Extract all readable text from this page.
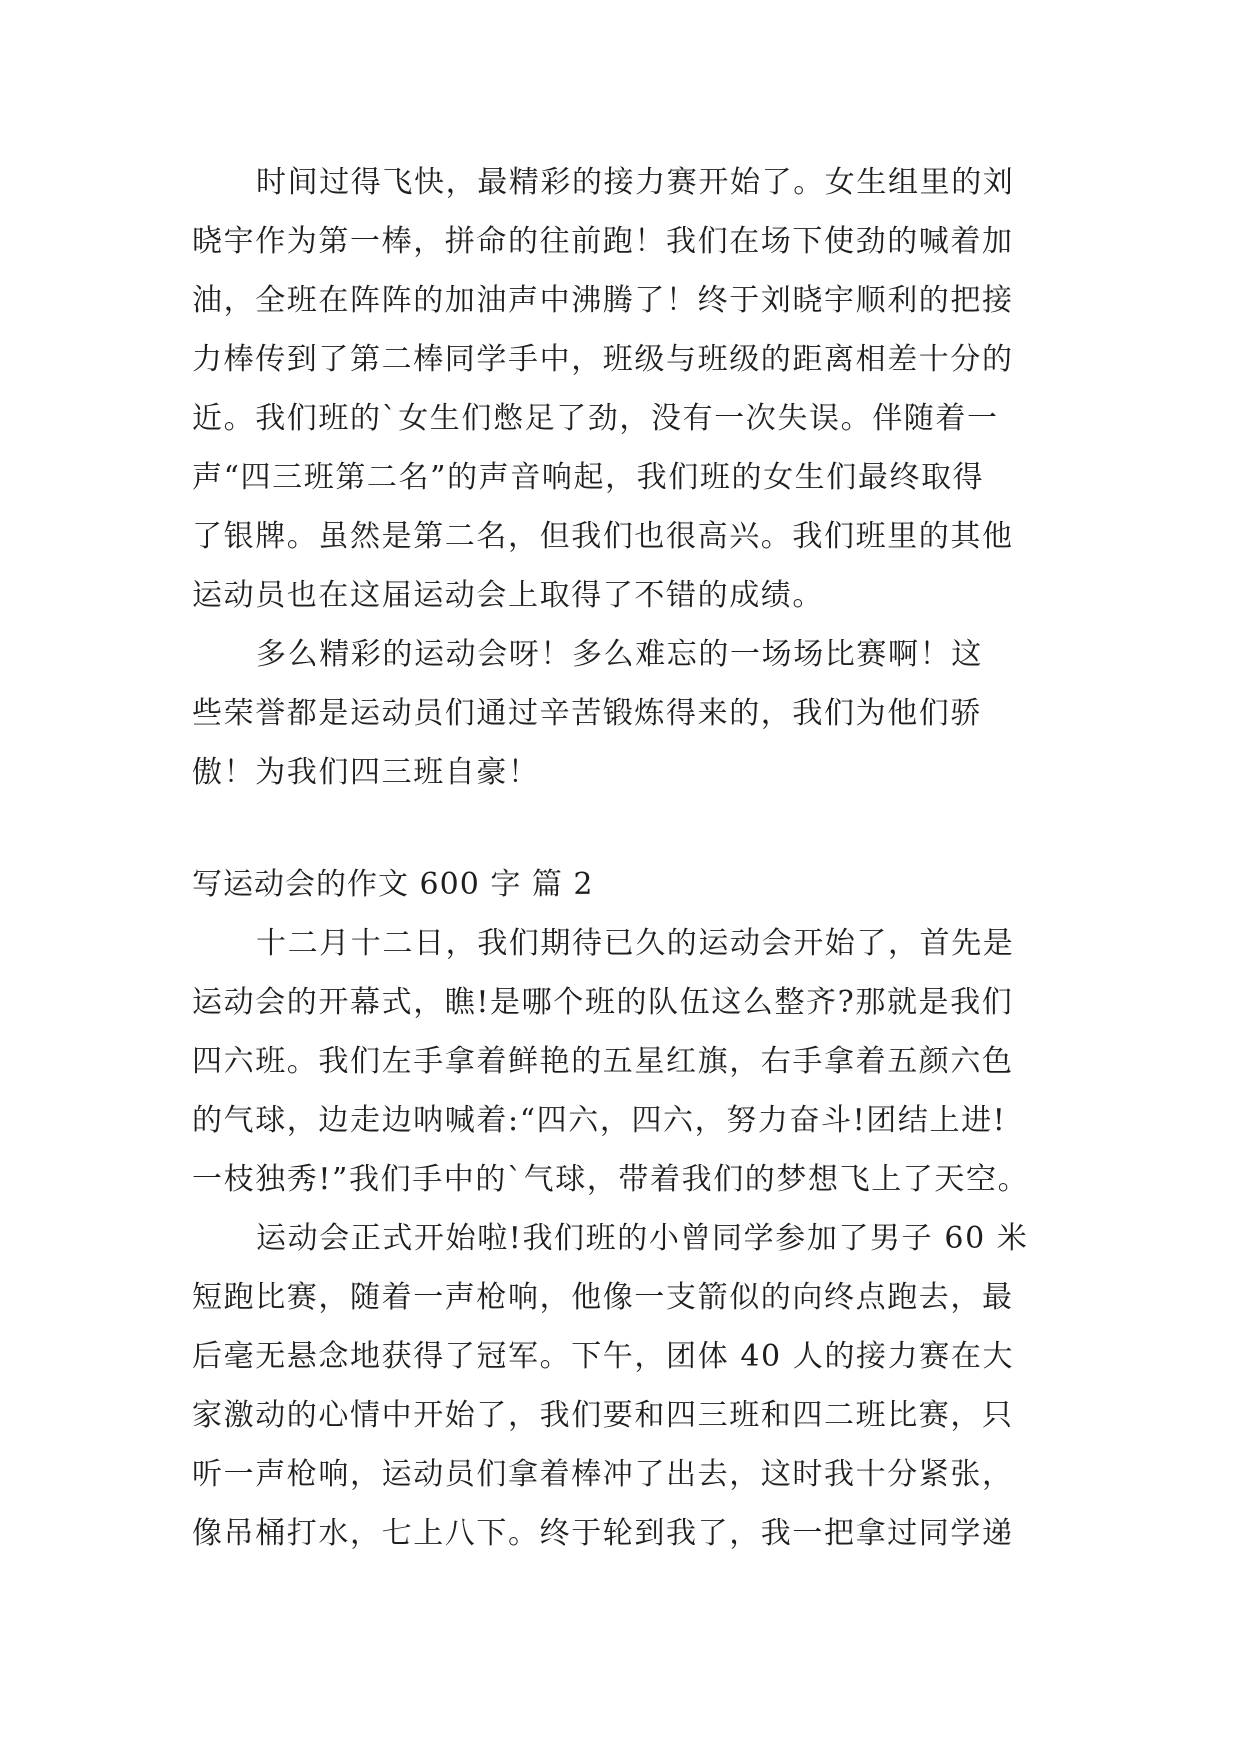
时间过得飞快，最精彩的接力赛开始了。女生组里的刘
晓宇作为第一棒，拼命的往前跑！我们在场下使劲的喊着加
油，全班在阵阵的加油声中沸腾了！终于刘晓宇顺利的把接
力棒传到了第二棒同学手中，班级与班级的距离相差十分的
近。我们班的`女生们憋足了劲，没有一次失误。伴随着一
声“四三班第二名”的声音响起，我们班的女生们最终取得
了银牌。虽然是第二名，但我们也很高兴。我们班里的其他
运动员也在这届运动会上取得了不错的成绩。

多么精彩的运动会呀！多么难忘的一场场比赛啊！这
些荣誉都是运动员们通过辛苦锻炼得来的，我们为他们骄
傲！为我们四三班自豪！

写运动会的作文 600 字 篇 2

十二月十二日，我们期待已久的运动会开始了，首先是
运动会的开幕式，瞧!是哪个班的队伍这么整齐?那就是我们
四六班。我们左手拿着鲜艳的五星红旗，右手拿着五颜六色
的气球，边走边呐喊着:“四六，四六，努力奋斗!团结上进!
一枝独秀!”我们手中的`气球，带着我们的梦想飞上了天空。

运动会正式开始啦!我们班的小曾同学参加了男子 60 米
短跑比赛，随着一声枪响，他像一支箭似的向终点跑去，最
后毫无悬念地获得了冠军。下午，团体 40 人的接力赛在大
家激动的心情中开始了，我们要和四三班和四二班比赛，只
听一声枪响，运动员们拿着棒冲了出去，这时我十分紧张，
像吊桶打水，七上八下。终于轮到我了，我一把拿过同学递
